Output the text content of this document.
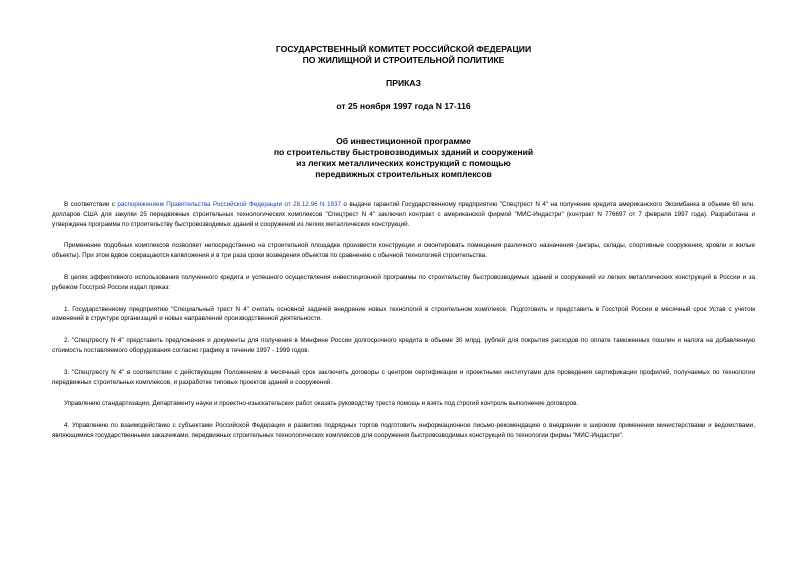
ГОСУДАРСТВЕННЫЙ КОМИТЕТ РОССИЙСКОЙ ФЕДЕРАЦИИ
ПО ЖИЛИЩНОЙ И СТРОИТЕЛЬНОЙ ПОЛИТИКЕ
ПРИКАЗ
от 25 ноября 1997 года N 17-116
Об инвестиционной программе
по строительству быстровозводимых зданий и сооружений
из легких металлических конструкций с помощью
передвижных строительных комплексов

В соответствии с распоряжением Правительства Российской Федерации от 28.12.96 N 1937 о выдаче гарантий Государственному предприятию "Спецтрест N 4" на получение кредита американского Эксимбанка в объеме 60 млн. долларов США для закупки 25 передвижных строительных технологических комплексов "Спецтрест N 4" заключил контракт с американской фирмой "МИС-Индастри" (контракт N 776697 от 7 февраля 1997 года). Разработана и утверждена программа по строительству быстровозводимых зданий и сооружений из легких металлических конструкций.

Применение подобных комплексов позволяет непосредственно на строительной площадке произвести конструкции и смонтировать помещения различного назначения (ангары, склады, спортивные сооружения, кровли и жилые объекты). При этом вдвое сокращаются капвложения и в три раза сроки возведения объектов по сравнению с обычной технологией строительства.

В целях эффективного использования полученного кредита и успешного осуществления инвестиционной программы по строительству быстровозводимых зданий и сооружений из легких металлических конструкций в России и за рубежом Госстрой России издал приказ:

1. Государственному предприятию "Специальный трест N 4" считать основной задачей внедрение новых технологий в строительном комплексе. Подготовить и представить в Госстрой России в месячный срок Устав с учетом изменений в структуре организаций и новых направлений производственной деятельности.

2. "Спецтресту N 4" представить предложения и документы для получения в Минфине России долгосрочного кредита в объеме 30 млрд. рублей для покрытия расходов по оплате таможенных пошлин и налога на добавленную стоимость поставляемого оборудования согласно графику в течение 1997 - 1999 годов.

3. "Спецтресту N 4" в соответствии с действующим Положением в месячный срок заключить договоры с центром сертификации и проектными институтами для проведения сертификации профилей, получаемых по технологии передвижных строительных комплексов, и разработке типовых проектов зданий и сооружений.

Управлению стандартизации, Департаменту науки и проектно-изыскательских работ оказать руководству треста помощь и взять под строгий контроль выполнение договоров.

4. Управлению по взаимодействию с субъектами Российской Федерации и развитию подрядных торгов подготовить информационное письмо-рекомендацию о внедрении и широком применении министерствами и ведомствами, являющимися государственными заказчиками, передвижных строительных технологических комплексов для сооружения быстровозводимых конструкций по технологии фирмы "МИС-Индастри".
